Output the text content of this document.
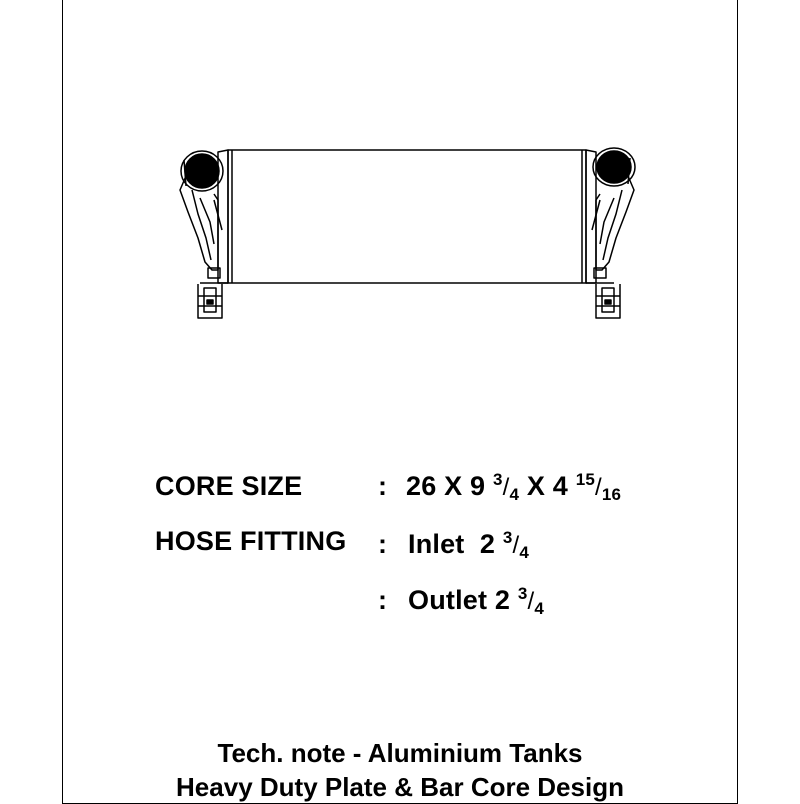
CORE SIZE	: 26 X 9 $^3$/4 X 4 $^{15}$/16
HOSE FITTING : Inlet  2 $^3$/4
: Outlet 2 $^3$/4
Tech. note - Aluminium Tanks
Heavy Duty Plate & Bar Core Design
